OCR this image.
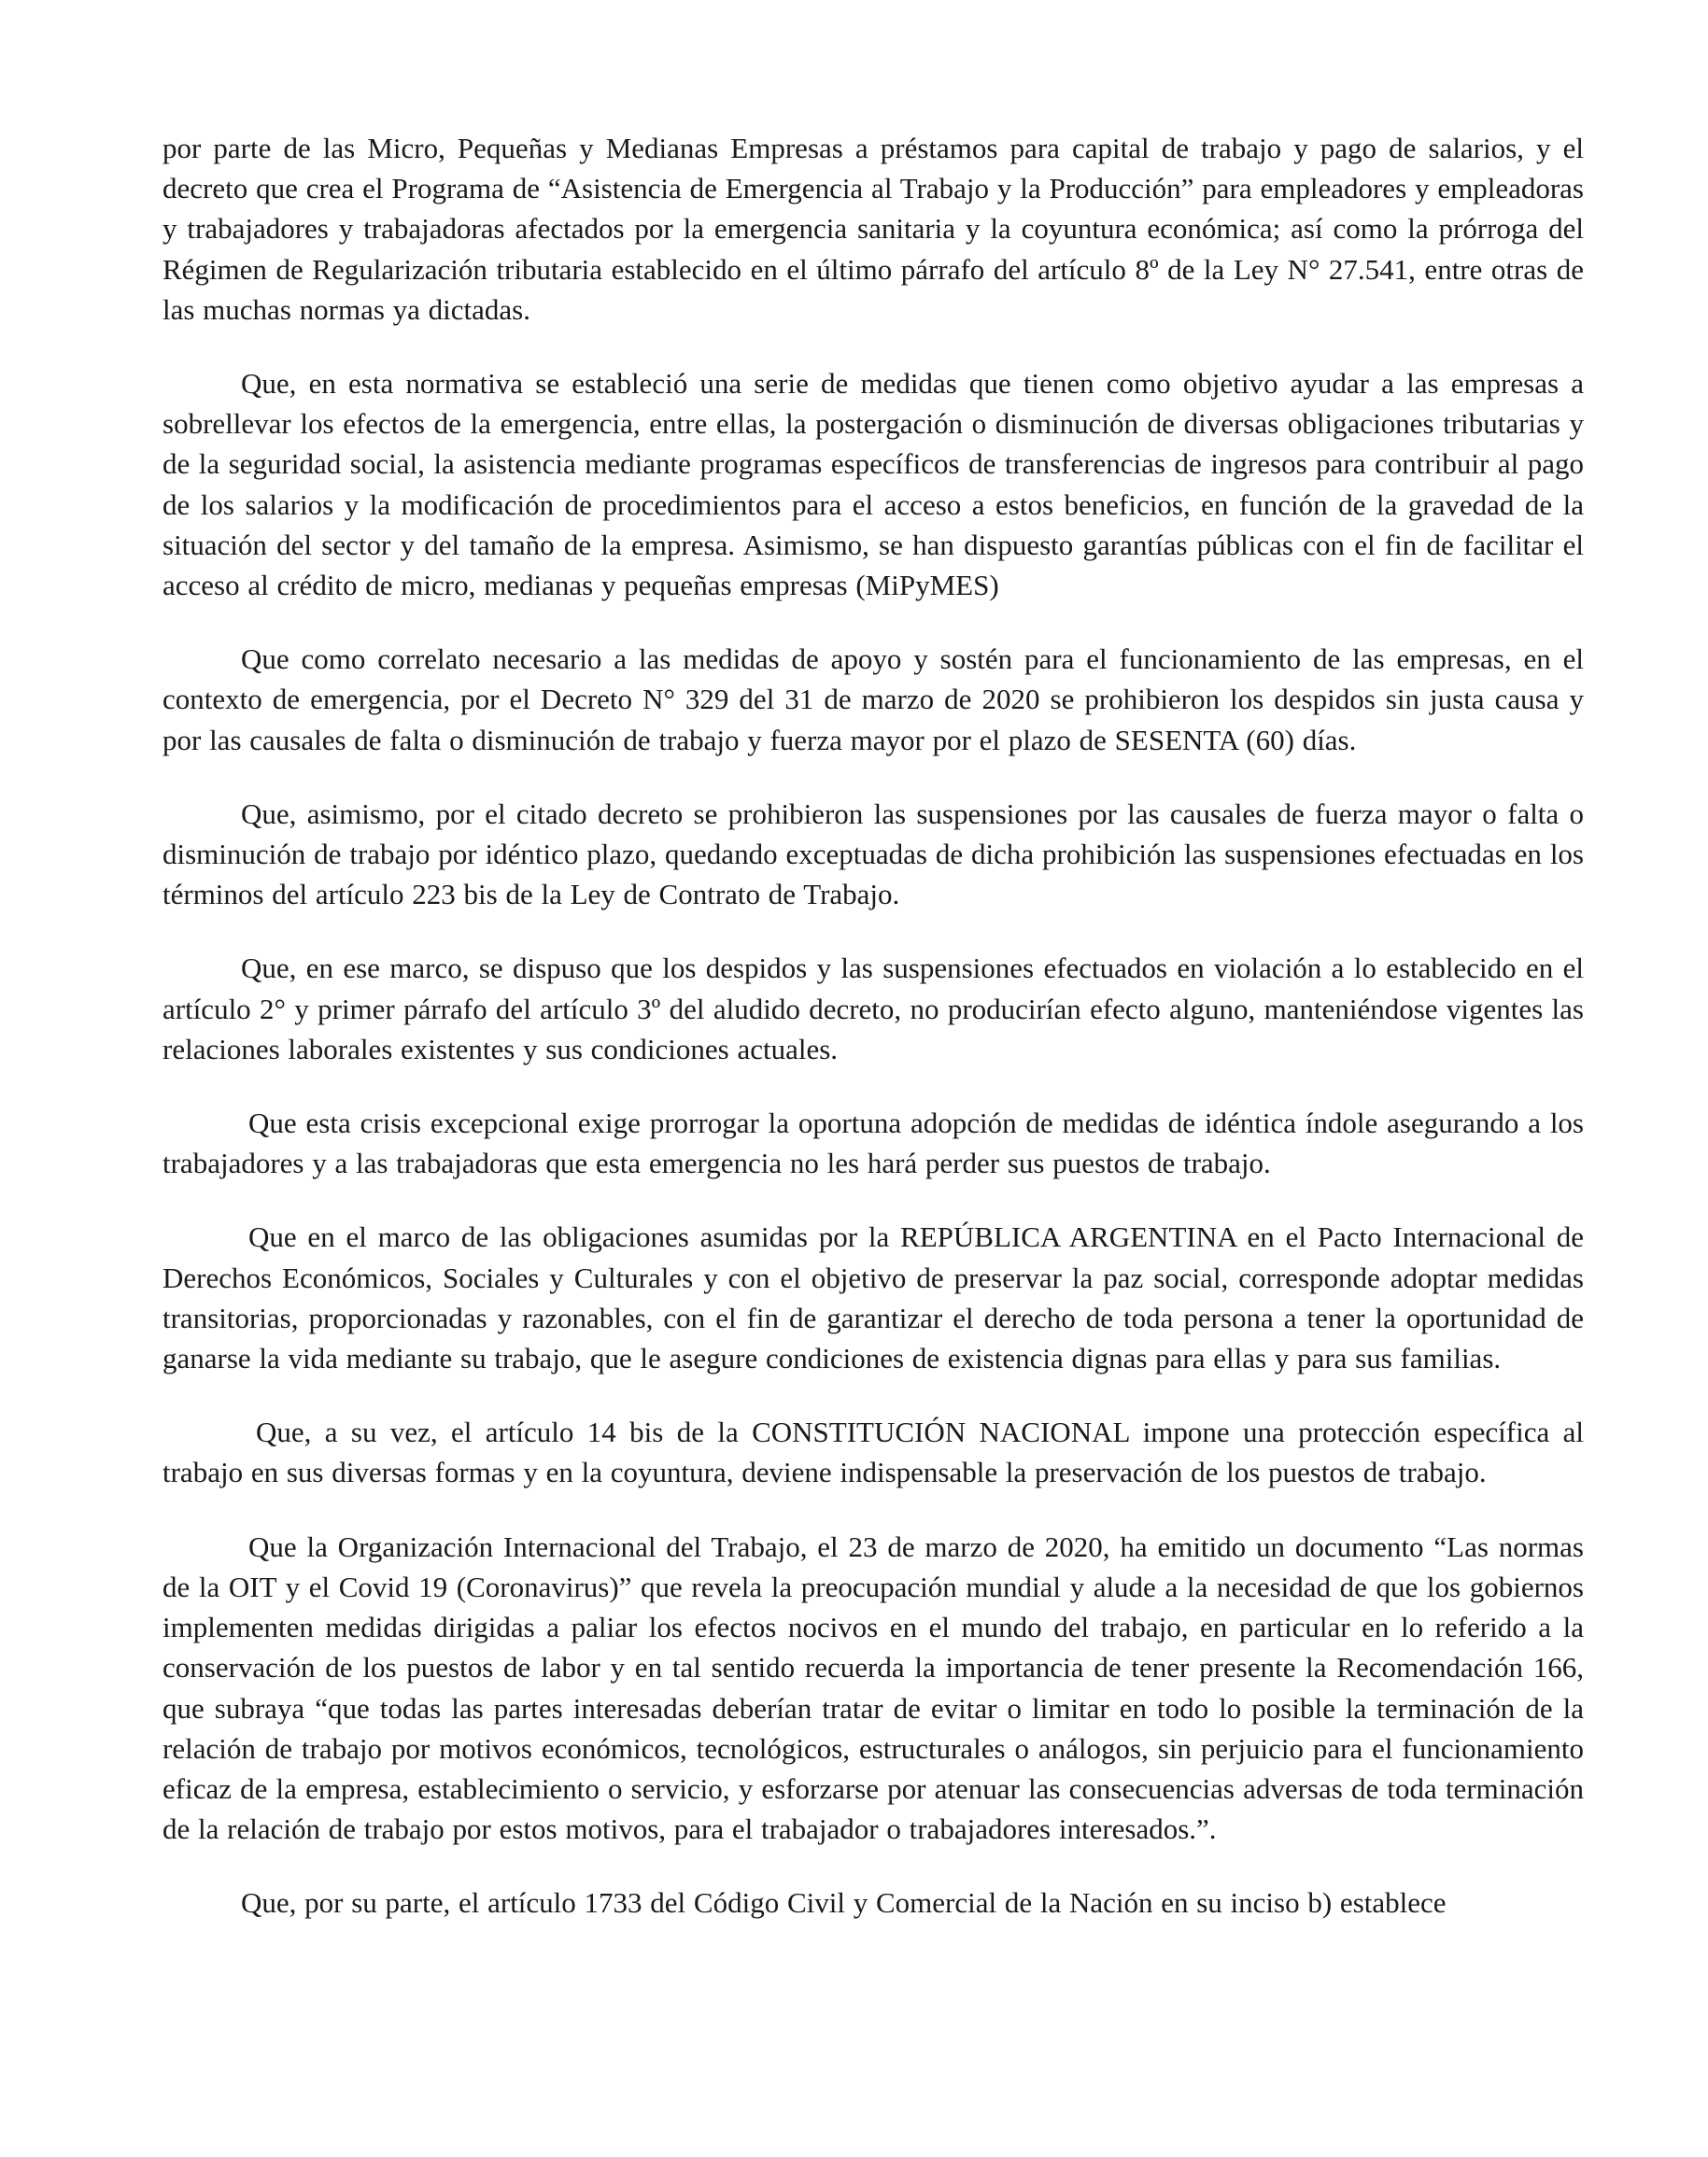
por parte de las Micro, Pequeñas y Medianas Empresas a préstamos para capital de trabajo y pago de salarios, y el decreto que crea el Programa de “Asistencia de Emergencia al Trabajo y la Producción” para empleadores y empleadoras y trabajadores y trabajadoras afectados por la emergencia sanitaria y la coyuntura económica; así como la prórroga del Régimen de Regularización tributaria establecido en el último párrafo del artículo 8º de la Ley N° 27.541, entre otras de las muchas normas ya dictadas.

Que, en esta normativa se estableció una serie de medidas que tienen como objetivo ayudar a las empresas a sobrellevar los efectos de la emergencia, entre ellas, la postergación o disminución de diversas obligaciones tributarias y de la seguridad social, la asistencia mediante programas específicos de transferencias de ingresos para contribuir al pago de los salarios y la modificación de procedimientos para el acceso a estos beneficios, en función de la gravedad de la situación del sector y del tamaño de la empresa. Asimismo, se han dispuesto garantías públicas con el fin de facilitar el acceso al crédito de micro, medianas y pequeñas empresas (MiPyMES)

Que como correlato necesario a las medidas de apoyo y sostén para el funcionamiento de las empresas, en el contexto de emergencia, por el Decreto N° 329 del 31 de marzo de 2020 se prohibieron los despidos sin justa causa y por las causales de falta o disminución de trabajo y fuerza mayor por el plazo de SESENTA (60) días.

Que, asimismo, por el citado decreto se prohibieron las suspensiones por las causales de fuerza mayor o falta o disminución de trabajo por idéntico plazo, quedando exceptuadas de dicha prohibición las suspensiones efectuadas en los términos del artículo 223 bis de la Ley de Contrato de Trabajo.

Que, en ese marco, se dispuso que los despidos y las suspensiones efectuados en violación a lo establecido en el artículo 2° y primer párrafo del artículo 3º del aludido decreto, no producirían efecto alguno, manteniéndose vigentes las relaciones laborales existentes y sus condiciones actuales.

Que esta crisis excepcional exige prorrogar la oportuna adopción de medidas de idéntica índole asegurando a los trabajadores y a las trabajadoras que esta emergencia no les hará perder sus puestos de trabajo.

Que en el marco de las obligaciones asumidas por la REPÚBLICA ARGENTINA en el Pacto Internacional de Derechos Económicos, Sociales y Culturales y con el objetivo de preservar la paz social, corresponde adoptar medidas transitorias, proporcionadas y razonables, con el fin de garantizar el derecho de toda persona a tener la oportunidad de ganarse la vida mediante su trabajo, que le asegure condiciones de existencia dignas para ellas y para sus familias.

Que, a su vez, el artículo 14 bis de la CONSTITUCIÓN NACIONAL impone una protección específica al trabajo en sus diversas formas y en la coyuntura, deviene indispensable la preservación de los puestos de trabajo.

Que la Organización Internacional del Trabajo, el 23 de marzo de 2020, ha emitido un documento “Las normas de la OIT y el Covid 19 (Coronavirus)” que revela la preocupación mundial y alude a la necesidad de que los gobiernos implementen medidas dirigidas a paliar los efectos nocivos en el mundo del trabajo, en particular en lo referido a la conservación de los puestos de labor y en tal sentido recuerda la importancia de tener presente la Recomendación 166, que subraya “que todas las partes interesadas deberían tratar de evitar o limitar en todo lo posible la terminación de la relación de trabajo por motivos económicos, tecnológicos, estructurales o análogos, sin perjuicio para el funcionamiento eficaz de la empresa, establecimiento o servicio, y esforzarse por atenuar las consecuencias adversas de toda terminación de la relación de trabajo por estos motivos, para el trabajador o trabajadores interesados.”.

Que, por su parte, el artículo 1733 del Código Civil y Comercial de la Nación en su inciso b) establece
